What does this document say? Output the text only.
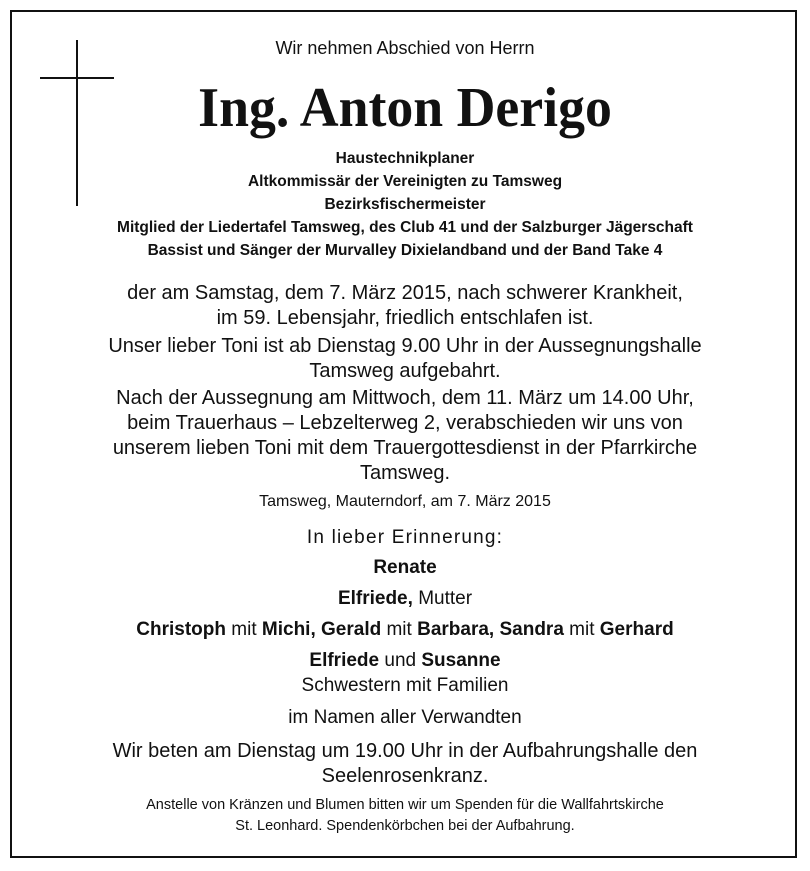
Wir nehmen Abschied von Herrn
Ing. Anton Derigo
Haustechnikplaner
Altkommissär der Vereinigten zu Tamsweg
Bezirksfischermeister
Mitglied der Liedertafel Tamsweg, des Club 41 und der Salzburger Jägerschaft
Bassist und Sänger der Murvalley Dixielandband und der Band Take 4
der am Samstag, dem 7. März 2015, nach schwerer Krankheit,
im 59. Lebensjahr, friedlich entschlafen ist.
Unser lieber Toni ist ab Dienstag 9.00 Uhr in der Aussegnungshalle
Tamsweg aufgebahrt.
Nach der Aussegnung am Mittwoch, dem 11. März um 14.00 Uhr,
beim Trauerhaus – Lebzelterweg 2, verabschieden wir uns von
unserem lieben Toni mit dem Trauergottesdienst in der Pfarrkirche
Tamsweg.
Tamsweg, Mauterndorf, am 7. März 2015
In lieber Erinnerung:
Renate
Elfriede, Mutter
Christoph mit Michi, Gerald mit Barbara, Sandra mit Gerhard
Elfriede und Susanne
Schwestern mit Familien
im Namen aller Verwandten
Wir beten am Dienstag um 19.00 Uhr in der Aufbahrungshalle den
Seelenrosenkranz.
Anstelle von Kränzen und Blumen bitten wir um Spenden für die Wallfahrtskirche
St. Leonhard. Spendenkörbchen bei der Aufbahrung.
